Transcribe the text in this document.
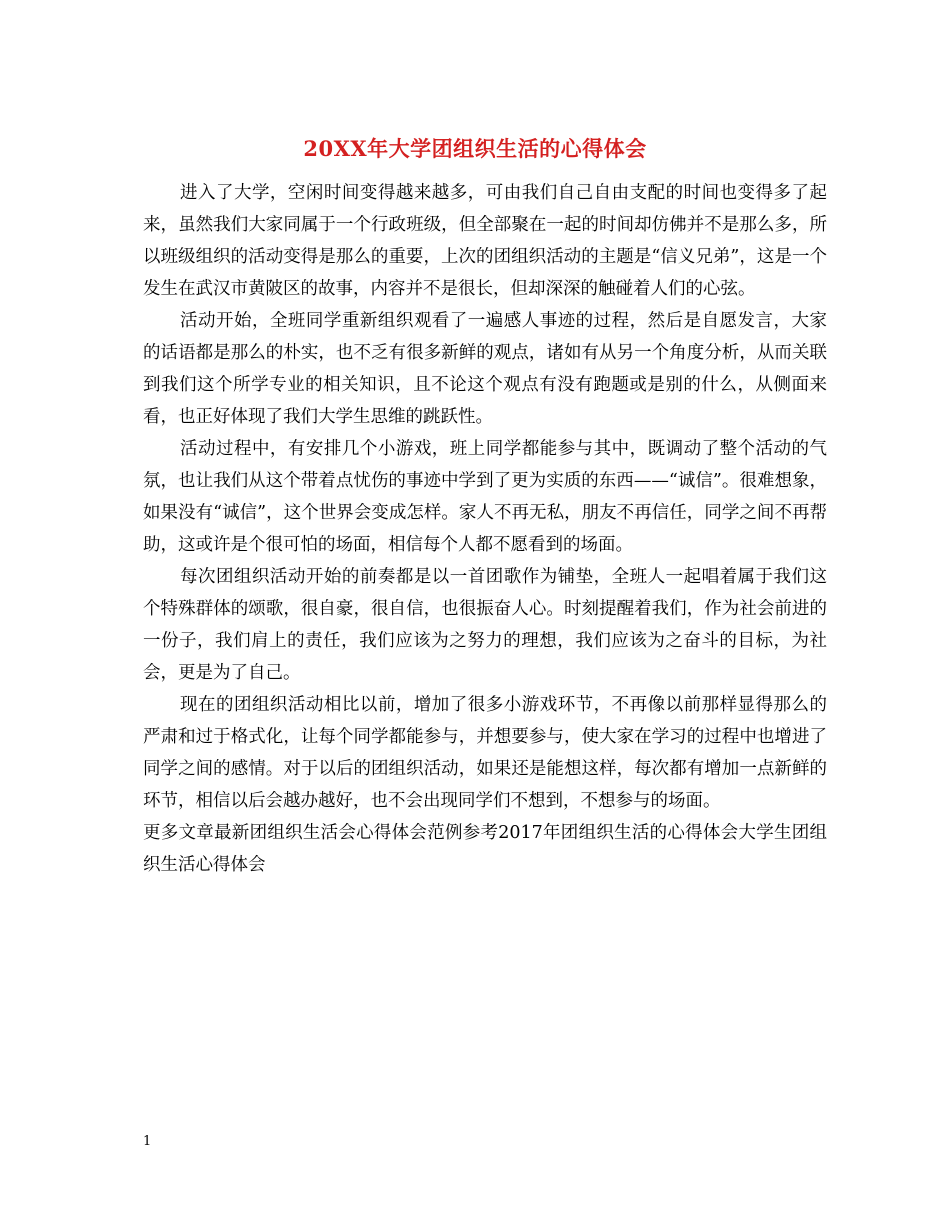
20XX年大学团组织生活的心得体会

进入了大学，空闲时间变得越来越多，可由我们自己自由支配的时间也变得多了起来，虽然我们大家同属于一个行政班级，但全部聚在一起的时间却仿佛并不是那么多，所以班级组织的活动变得是那么的重要，上次的团组织活动的主题是“信义兄弟”，这是一个发生在武汉市黄陂区的故事，内容并不是很长，但却深深的触碰着人们的心弦。

活动开始，全班同学重新组织观看了一遍感人事迹的过程，然后是自愿发言，大家的话语都是那么的朴实，也不乏有很多新鲜的观点，诸如有从另一个角度分析，从而关联到我们这个所学专业的相关知识，且不论这个观点有没有跑题或是别的什么，从侧面来看，也正好体现了我们大学生思维的跳跃性。

活动过程中，有安排几个小游戏，班上同学都能参与其中，既调动了整个活动的气氛，也让我们从这个带着点忧伤的事迹中学到了更为实质的东西——“诚信”。很难想象，如果没有“诚信”，这个世界会变成怎样。家人不再无私，朋友不再信任，同学之间不再帮助，这或许是个很可怕的场面，相信每个人都不愿看到的场面。

每次团组织活动开始的前奏都是以一首团歌作为铺垫，全班人一起唱着属于我们这个特殊群体的颂歌，很自豪，很自信，也很振奋人心。时刻提醒着我们，作为社会前进的一份子，我们肩上的责任，我们应该为之努力的理想，我们应该为之奋斗的目标，为社会，更是为了自己。

现在的团组织活动相比以前，增加了很多小游戏环节，不再像以前那样显得那么的严肃和过于格式化，让每个同学都能参与，并想要参与，使大家在学习的过程中也增进了同学之间的感情。对于以后的团组织活动，如果还是能想这样，每次都有增加一点新鲜的环节，相信以后会越办越好，也不会出现同学们不想到，不想参与的场面。

更多文章最新团组织生活会心得体会范例参考2017年团组织生活的心得体会大学生团组织生活心得体会

1
